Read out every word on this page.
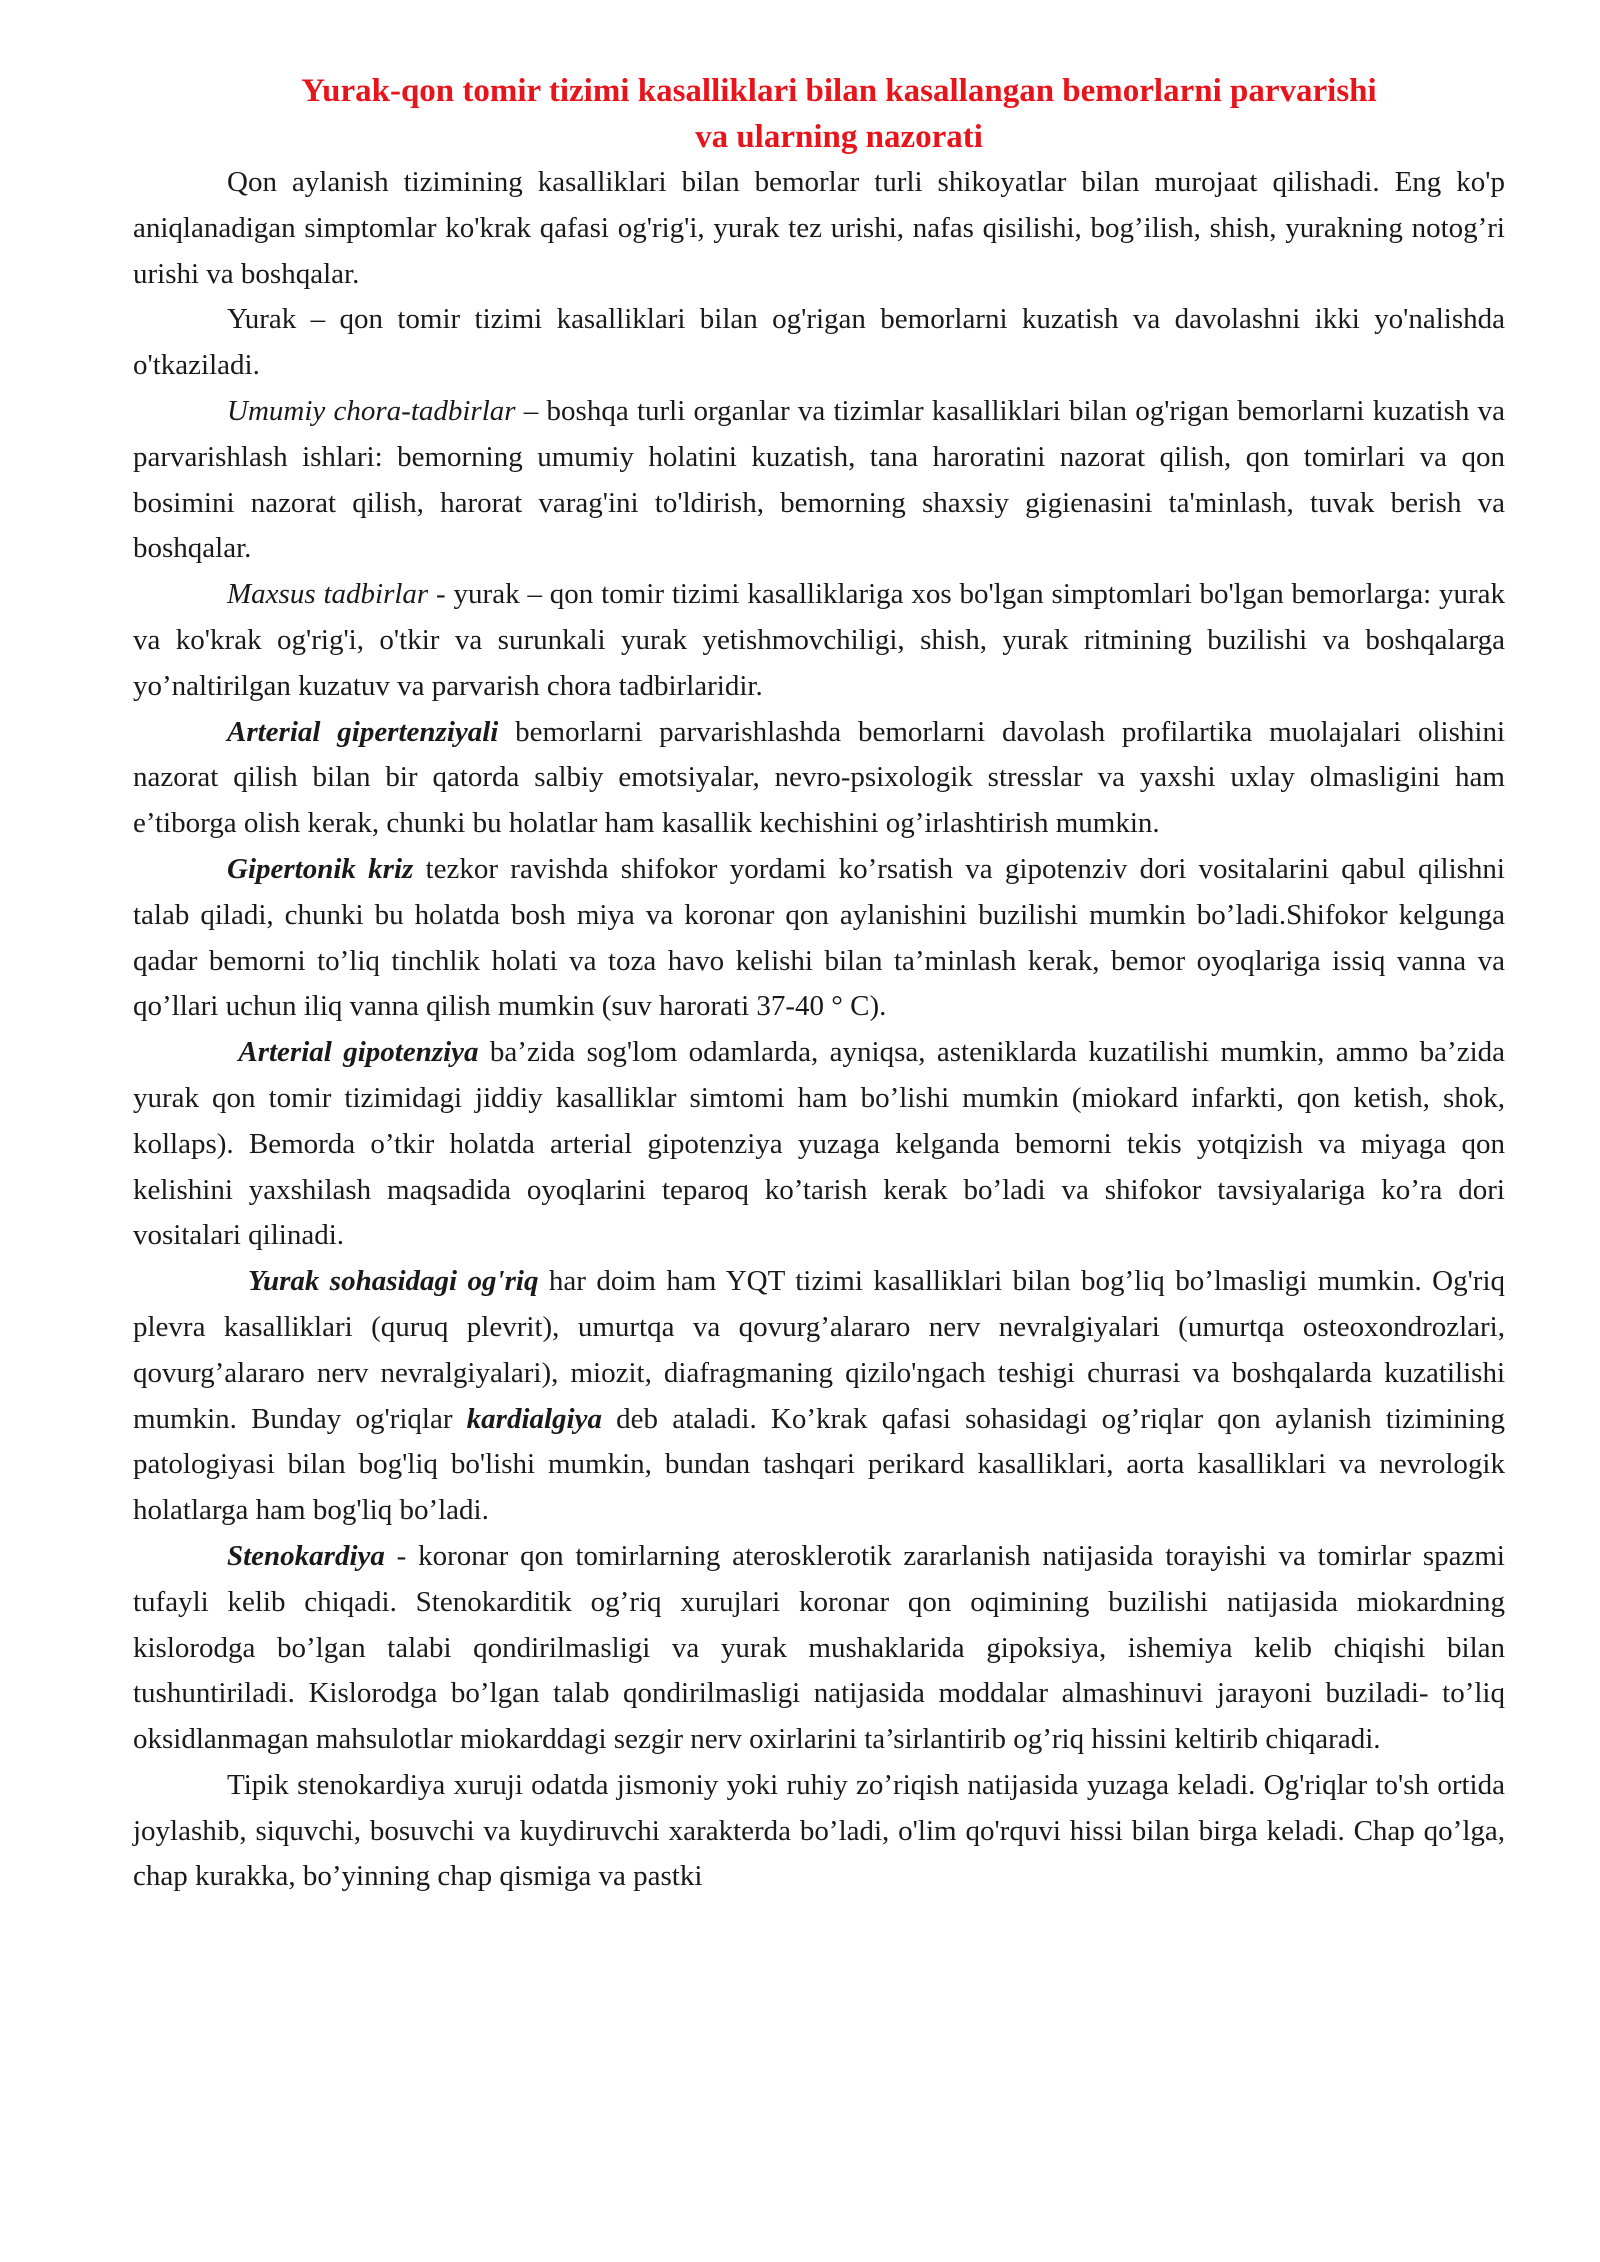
Yurak-qon tomir tizimi kasalliklari bilan kasallangan bemorlarni parvarishi
va ularning nazorati

Qon aylanish tizimining kasalliklari bilan bemorlar turli shikoyatlar bilan murojaat qilishadi. Eng ko'p aniqlanadigan simptomlar ko'krak qafasi og'rig'i, yurak tez urishi, nafas qisilishi, bog’ilish, shish, yurakning notog’ri urishi va boshqalar.

Yurak – qon tomir tizimi kasalliklari bilan og'rigan bemorlarni kuzatish va davolashni ikki yo'nalishda o'tkaziladi.

Umumiy chora-tadbirlar – boshqa turli organlar va tizimlar kasalliklari bilan og'rigan bemorlarni kuzatish va parvarishlash ishlari: bemorning umumiy holatini kuzatish, tana haroratini nazorat qilish, qon tomirlari va qon bosimini nazorat qilish, harorat varag'ini to'ldirish, bemorning shaxsiy gigienasini ta'minlash, tuvak berish va boshqalar.

Maxsus tadbirlar - yurak – qon tomir tizimi kasalliklariga xos bo'lgan simptomlari bo'lgan bemorlarga: yurak va ko'krak og'rig'i, o'tkir va surunkali yurak yetishmovchiligi, shish, yurak ritmining buzilishi va boshqalarga yo’naltirilgan kuzatuv va parvarish chora tadbirlaridir.

Arterial gipertenziyali bemorlarni parvarishlashda bemorlarni davolash profilartika muolajalari olishini nazorat qilish bilan bir qatorda salbiy emotsiyalar, nevro-psixologik stresslar va yaxshi uxlay olmasligini ham e’tiborga olish kerak, chunki bu holatlar ham kasallik kechishini og’irlashtirish mumkin.

Gipertonik kriz tezkor ravishda shifokor yordami ko’rsatish va gipotenziv dori vositalarini qabul qilishni talab qiladi, chunki bu holatda bosh miya va koronar qon aylanishini buzilishi mumkin bo’ladi.Shifokor kelgunga qadar bemorni to’liq tinchlik holati va toza havo kelishi bilan ta’minlash kerak, bemor oyoqlariga issiq vanna va qo’llari uchun iliq vanna qilish mumkin (suv harorati 37-40 ° C).

Arterial gipotenziya ba’zida sog'lom odamlarda, ayniqsa, asteniklarda kuzatilishi mumkin, ammo ba’zida yurak qon tomir tizimidagi jiddiy kasalliklar simtomi ham bo’lishi mumkin (miokard infarkti, qon ketish, shok, kollaps). Bemorda o’tkir holatda arterial gipotenziya yuzaga kelganda bemorni tekis yotqizish va miyaga qon kelishini yaxshilash maqsadida oyoqlarini teparoq ko’tarish kerak bo’ladi va shifokor tavsiyalariga ko’ra dori vositalari qilinadi.

Yurak sohasidagi og'riq har doim ham YQT tizimi kasalliklari bilan bog’liq bo’lmasligi mumkin. Og'riq plevra kasalliklari (quruq plevrit), umurtqa va qovurg’alararo nerv nevralgiyalari (umurtqa osteoxondrozlari, qovurg’alararo nerv nevralgiyalari), miozit, diafragmaning qizilo'ngach teshigi churrasi va boshqalarda kuzatilishi mumkin. Bunday og'riqlar kardialgiya deb ataladi. Ko’krak qafasi sohasidagi og’riqlar qon aylanish tizimining patologiyasi bilan bog'liq bo'lishi mumkin, bundan tashqari perikard kasalliklari, aorta kasalliklari va nevrologik holatlarga ham bog'liq bo’ladi.

Stenokardiya - koronar qon tomirlarning aterosklerotik zararlanish natijasida torayishi va tomirlar spazmi tufayli kelib chiqadi. Stenokarditik og’riq xurujlari koronar qon oqimining buzilishi natijasida miokardning kislorodga bo’lgan talabi qondirilmasligi va yurak mushaklarida gipoksiya, ishemiya kelib chiqishi bilan tushuntiriladi. Kislorodga bo’lgan talab qondirilmasligi natijasida moddalar almashinuvi jarayoni buziladi- to’liq oksidlanmagan mahsulotlar miokarddagi sezgir nerv oxirlarini ta’sirlantirib og’riq hissini keltirib chiqaradi.

Tipik stenokardiya xuruji odatda jismoniy yoki ruhiy zo’riqish natijasida yuzaga keladi. Og'riqlar to'sh ortida joylashib, siquvchi, bosuvchi va kuydiruvchi xarakterda bo’ladi, o'lim qo'rquvi hissi bilan birga keladi. Chap qo’lga, chap kurakka, bo’yinning chap qismiga va pastki
